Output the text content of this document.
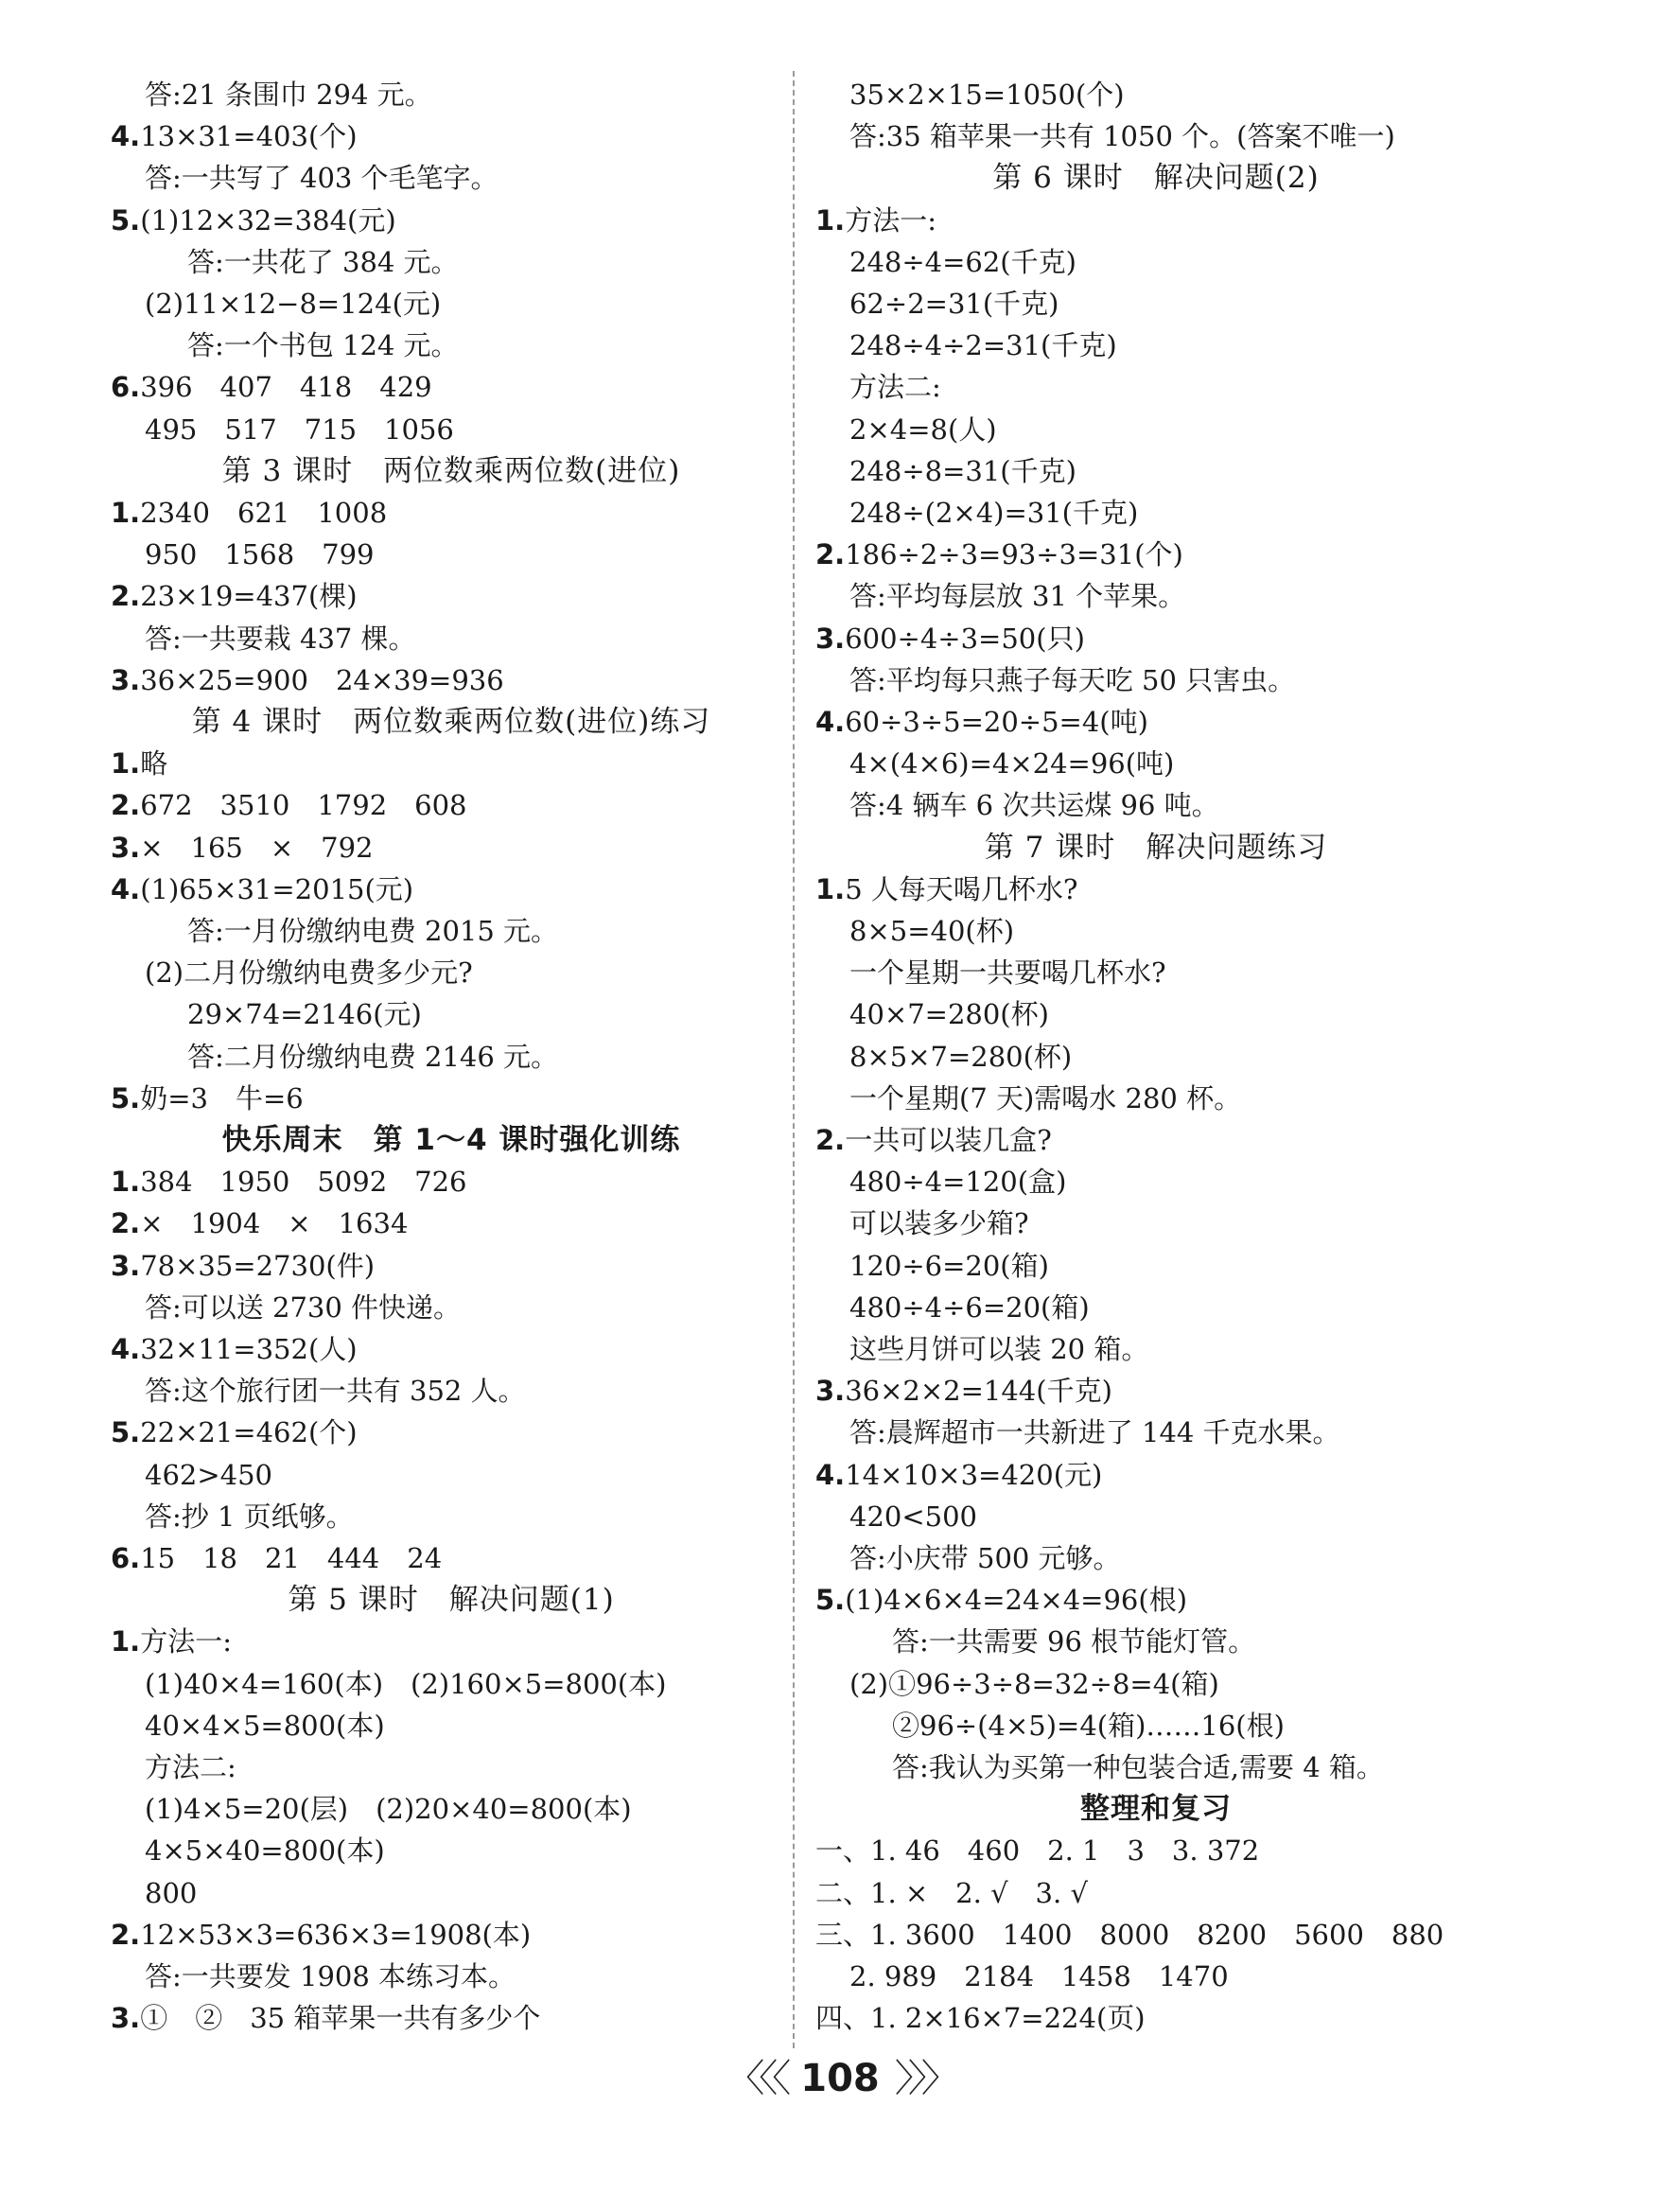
答:21 条围巾 294 元。
4.13×31=403(个)
答:一共写了 403 个毛笔字。
5.(1)12×32=384(元)
答:一共花了 384 元。
(2)11×12−8=124(元)
答:一个书包 124 元。
6.396　407　418　429
495　517　715　1056
第 3 课时　两位数乘两位数(进位)
1.2340　621　1008
950　1568　799
2.23×19=437(棵)
答:一共要栽 437 棵。
3.36×25=900　24×39=936
第 4 课时　两位数乘两位数(进位)练习
1.略
2.672　3510　1792　608
3.×　165　×　792
4.(1)65×31=2015(元)
答:一月份缴纳电费 2015 元。
(2)二月份缴纳电费多少元?
29×74=2146(元)
答:二月份缴纳电费 2146 元。
5.奶=3　牛=6
快乐周末　第 1～4 课时强化训练
1.384　1950　5092　726
2.×　1904　×　1634
3.78×35=2730(件)
答:可以送 2730 件快递。
4.32×11=352(人)
答:这个旅行团一共有 352 人。
5.22×21=462(个)
462>450
答:抄 1 页纸够。
6.15　18　21　444　24
第 5 课时　解决问题(1)
1.方法一:
(1)40×4=160(本)　(2)160×5=800(本)
40×4×5=800(本)
方法二:
(1)4×5=20(层)　(2)20×40=800(本)
4×5×40=800(本)
800
2.12×53×3=636×3=1908(本)
答:一共要发 1908 本练习本。
3.①　②　35 箱苹果一共有多少个
35×2×15=1050(个)
答:35 箱苹果一共有 1050 个。(答案不唯一)
第 6 课时　解决问题(2)
1.方法一:
248÷4=62(千克)
62÷2=31(千克)
248÷4÷2=31(千克)
方法二:
2×4=8(人)
248÷8=31(千克)
248÷(2×4)=31(千克)
2.186÷2÷3=93÷3=31(个)
答:平均每层放 31 个苹果。
3.600÷4÷3=50(只)
答:平均每只燕子每天吃 50 只害虫。
4.60÷3÷5=20÷5=4(吨)
4×(4×6)=4×24=96(吨)
答:4 辆车 6 次共运煤 96 吨。
第 7 课时　解决问题练习
1.5 人每天喝几杯水?
8×5=40(杯)
一个星期一共要喝几杯水?
40×7=280(杯)
8×5×7=280(杯)
一个星期(7 天)需喝水 280 杯。
2.一共可以装几盒?
480÷4=120(盒)
可以装多少箱?
120÷6=20(箱)
480÷4÷6=20(箱)
这些月饼可以装 20 箱。
3.36×2×2=144(千克)
答:晨辉超市一共新进了 144 千克水果。
4.14×10×3=420(元)
420<500
答:小庆带 500 元够。
5.(1)4×6×4=24×4=96(根)
答:一共需要 96 根节能灯管。
(2)①96÷3÷8=32÷8=4(箱)
②96÷(4×5)=4(箱)……16(根)
答:我认为买第一种包装合适,需要 4 箱。
整理和复习
一、1. 46　460　2. 1　3　3. 372
二、1. ×　2. √　3. √
三、1. 3600　1400　8000　8200　5600　880
2. 989　2184　1458　1470
四、1. 2×16×7=224(页)
〈〈〈 108 〉〉〉
